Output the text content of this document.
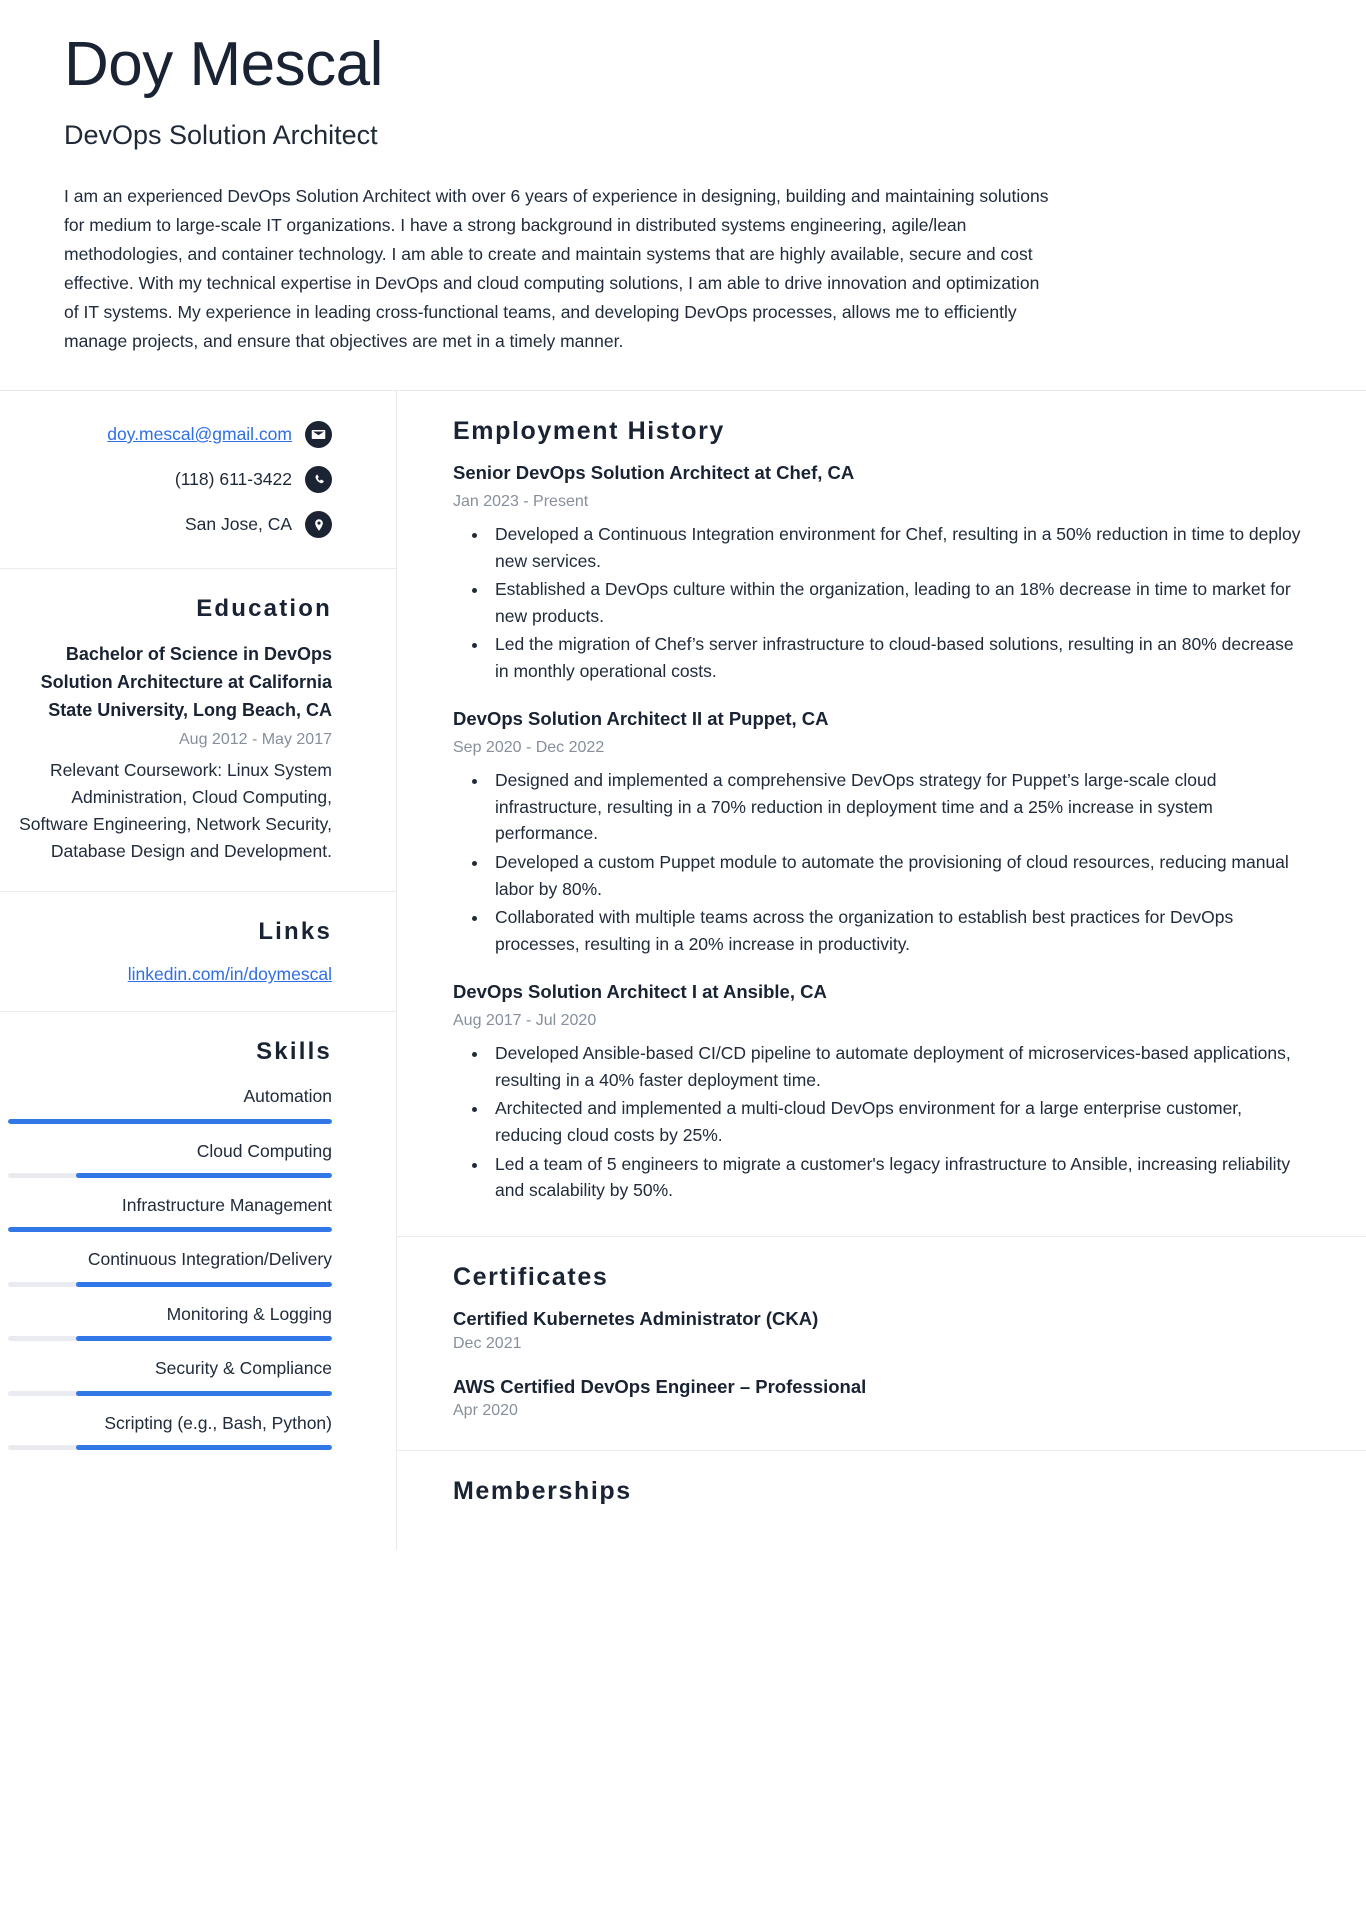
Doy Mescal
DevOps Solution Architect

I am an experienced DevOps Solution Architect with over 6 years of experience in designing, building and maintaining solutions for medium to large-scale IT organizations. I have a strong background in distributed systems engineering, agile/lean methodologies, and container technology. I am able to create and maintain systems that are highly available, secure and cost effective. With my technical expertise in DevOps and cloud computing solutions, I am able to drive innovation and optimization of IT systems. My experience in leading cross-functional teams, and developing DevOps processes, allows me to efficiently manage projects, and ensure that objectives are met in a timely manner.

doy.mescal@gmail.com
(118) 611-3422
San Jose, CA
Education
Bachelor of Science in DevOps Solution Architecture at California State University, Long Beach, CA
Aug 2012 - May 2017
Relevant Coursework: Linux System Administration, Cloud Computing, Software Engineering, Network Security, Database Design and Development.
Links
linkedin.com/in/doymescal
Skills
Automation
Cloud Computing
Infrastructure Management
Continuous Integration/Delivery
Monitoring & Logging
Security & Compliance
Scripting (e.g., Bash, Python)
Employment History
Senior DevOps Solution Architect at Chef, CA
Jan 2023 - Present
• Developed a Continuous Integration environment for Chef, resulting in a 50% reduction in time to deploy new services.
• Established a DevOps culture within the organization, leading to an 18% decrease in time to market for new products.
• Led the migration of Chef’s server infrastructure to cloud-based solutions, resulting in an 80% decrease in monthly operational costs.
DevOps Solution Architect II at Puppet, CA
Sep 2020 - Dec 2022
• Designed and implemented a comprehensive DevOps strategy for Puppet’s large-scale cloud infrastructure, resulting in a 70% reduction in deployment time and a 25% increase in system performance.
• Developed a custom Puppet module to automate the provisioning of cloud resources, reducing manual labor by 80%.
• Collaborated with multiple teams across the organization to establish best practices for DevOps processes, resulting in a 20% increase in productivity.
DevOps Solution Architect I at Ansible, CA
Aug 2017 - Jul 2020
• Developed Ansible-based CI/CD pipeline to automate deployment of microservices-based applications, resulting in a 40% faster deployment time.
• Architected and implemented a multi-cloud DevOps environment for a large enterprise customer, reducing cloud costs by 25%.
• Led a team of 5 engineers to migrate a customer's legacy infrastructure to Ansible, increasing reliability and scalability by 50%.
Certificates
Certified Kubernetes Administrator (CKA)
Dec 2021
AWS Certified DevOps Engineer – Professional
Apr 2020
Memberships
